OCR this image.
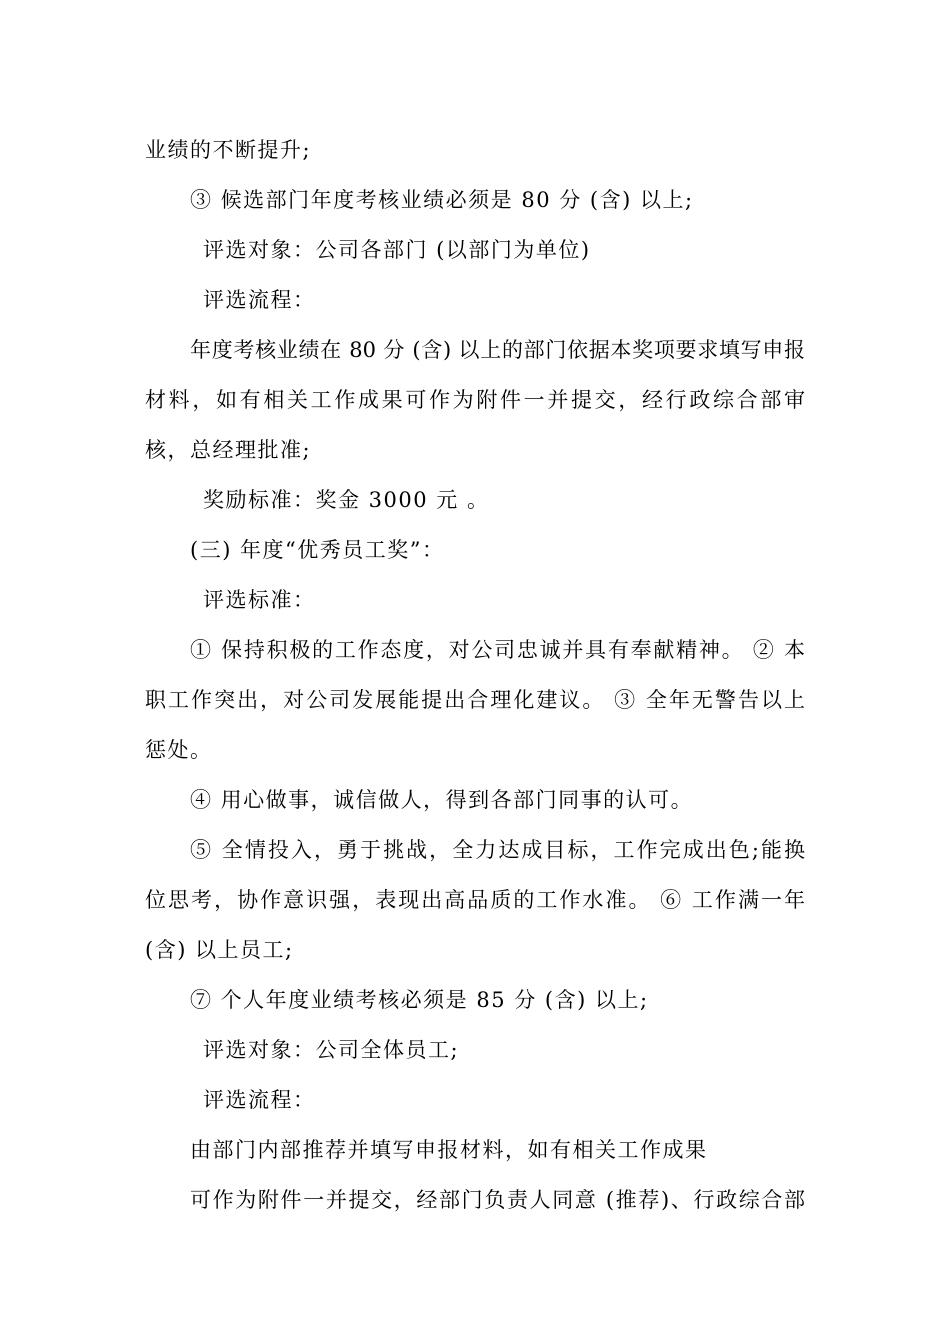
业绩的不断提升;
③ 候选部门年度考核业绩必须是 80 分 (含) 以上;
评选对象：公司各部门 (以部门为单位)
评选流程：
年度考核业绩在 80 分 (含) 以上的部门依据本奖项要求填写申报
材料，如有相关工作成果可作为附件一并提交，经行政综合部审
核，总经理批准;
奖励标准：奖金 3000 元 。
(三) 年度“优秀员工奖”：
评选标准：
① 保持积极的工作态度，对公司忠诚并具有奉献精神。 ② 本
职工作突出，对公司发展能提出合理化建议。 ③ 全年无警告以上
惩处。
④ 用心做事，诚信做人，得到各部门同事的认可。
⑤ 全情投入，勇于挑战，全力达成目标，工作完成出色;能换
位思考，协作意识强，表现出高品质的工作水准。 ⑥ 工作满一年
(含) 以上员工;
⑦ 个人年度业绩考核必须是 85 分 (含) 以上;
评选对象：公司全体员工;
评选流程：
由部门内部推荐并填写申报材料，如有相关工作成果
可作为附件一并提交，经部门负责人同意 (推荐)、行政综合部
